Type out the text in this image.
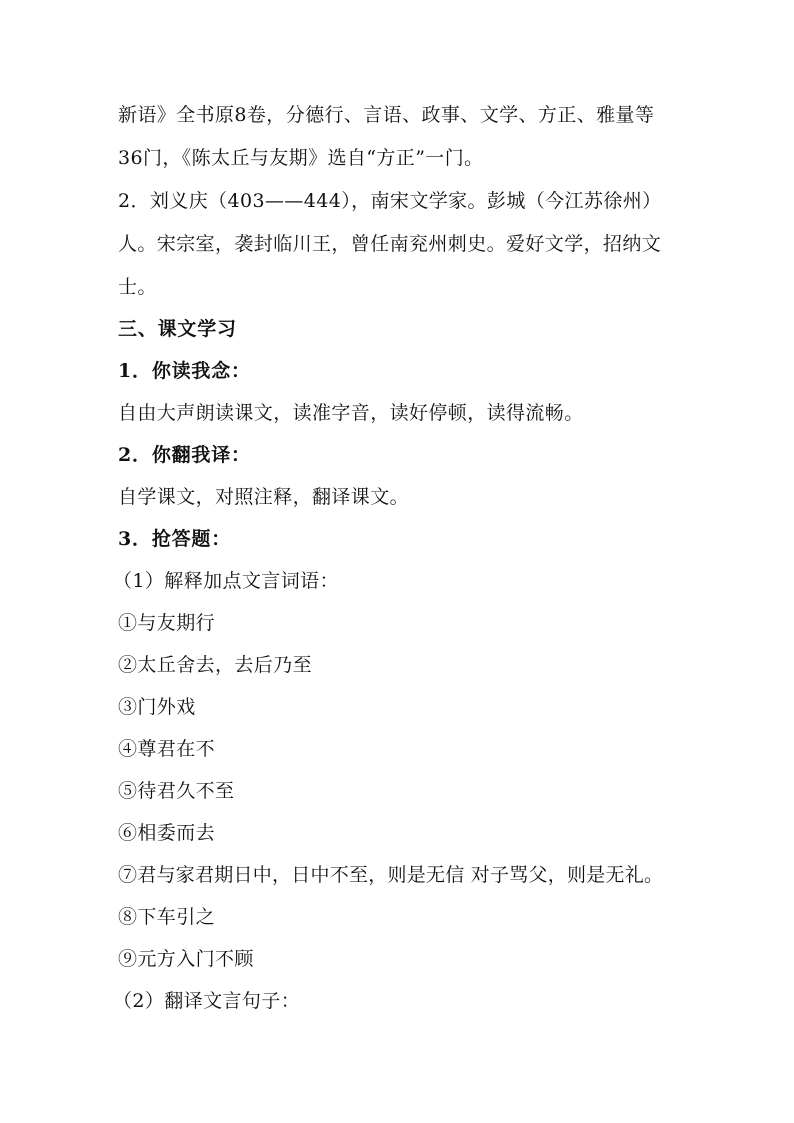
新语》全书原8卷，分德行、言语、政事、文学、方正、雅量等
36门，《陈太丘与友期》选自“方正”一门。
2．刘义庆（403——444），南宋文学家。彭城（今江苏徐州）
人。宋宗室，袭封临川王，曾任南兖州刺史。爱好文学，招纳文
士。
三、课文学习
1．你读我念：
自由大声朗读课文，读准字音，读好停顿，读得流畅。
2．你翻我译：
自学课文，对照注释，翻译课文。
3．抢答题：
（1）解释加点文言词语：
①与友期行
②太丘舍去，去后乃至
③门外戏
④尊君在不
⑤待君久不至
⑥相委而去
⑦君与家君期日中，日中不至，则是无信 对子骂父，则是无礼。
⑧下车引之
⑨元方入门不顾
（2）翻译文言句子：
